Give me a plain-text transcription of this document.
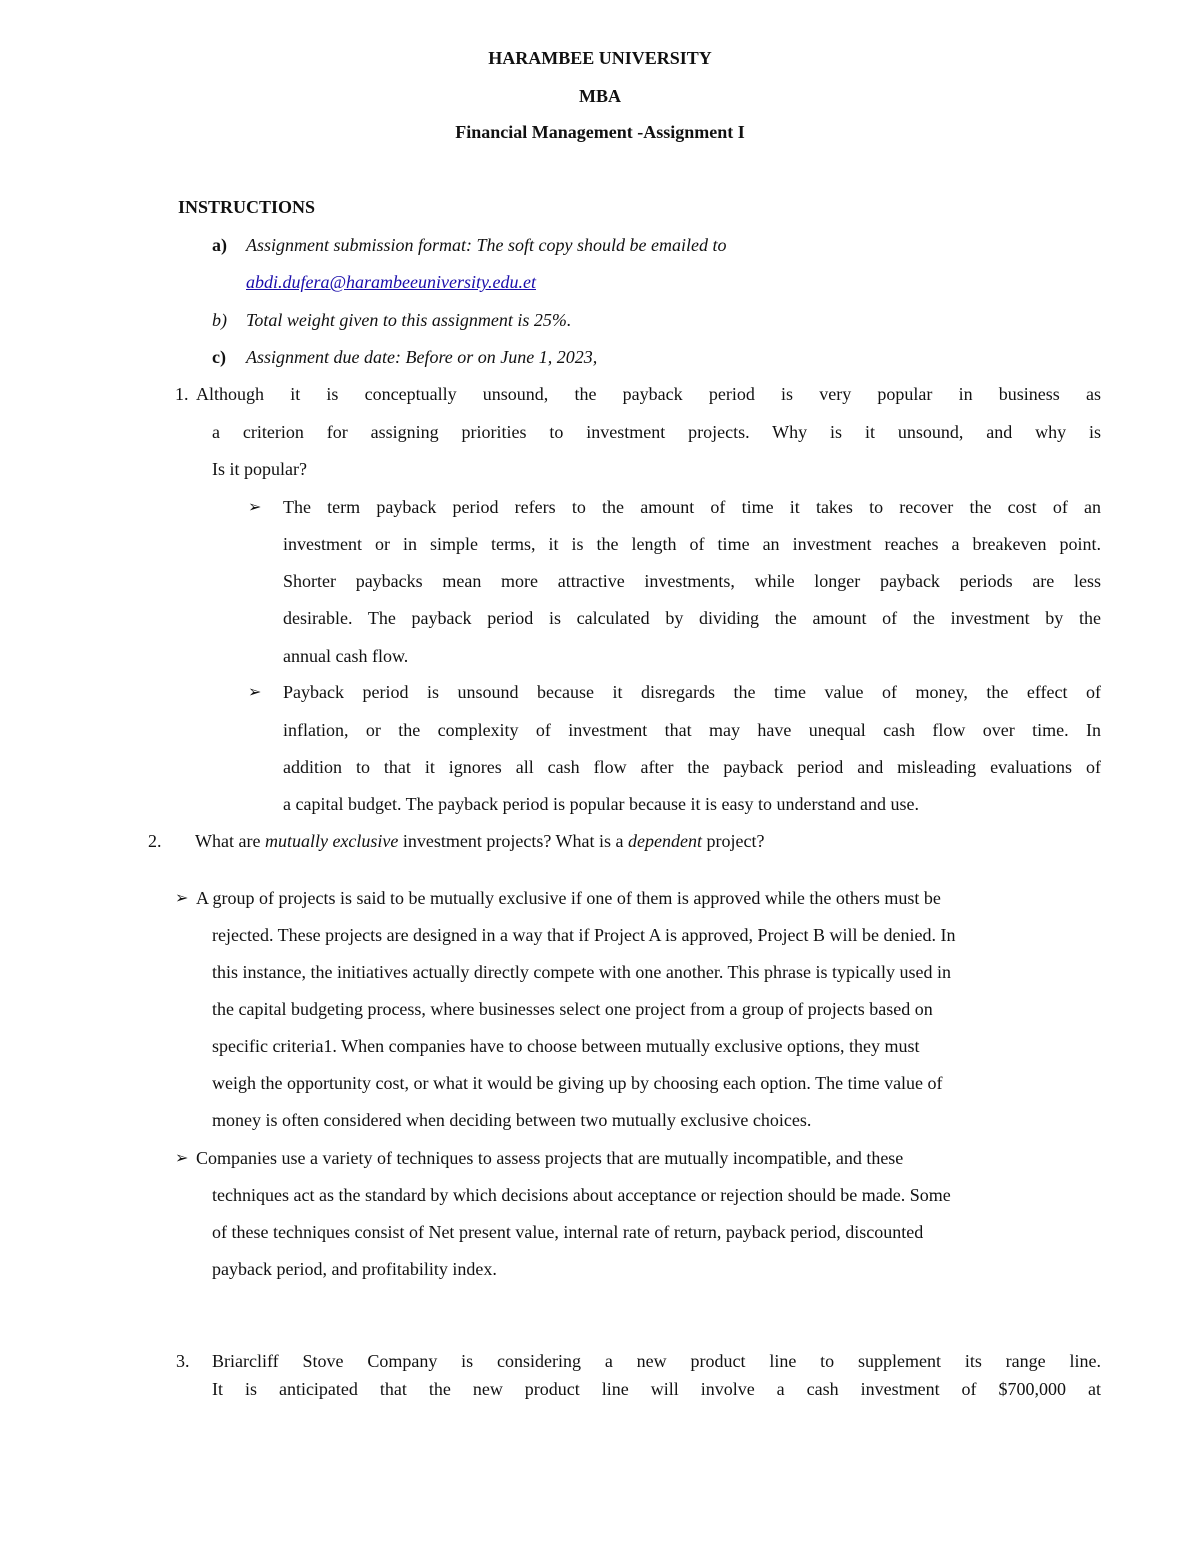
HARAMBEE UNIVERSITY
MBA
Financial Management -Assignment I
INSTRUCTIONS
a) Assignment submission format: The soft copy should be emailed to
abdi.dufera@harambeeuniversity.edu.et
b) Total weight given to this assignment is 25%.
c) Assignment due date: Before or on June 1, 2023,
1. Although it is conceptually unsound, the payback period is very popular in business as
a criterion for assigning priorities to investment projects. Why is it unsound, and why is
Is it popular?
➢ The term payback period refers to the amount of time it takes to recover the cost of an
investment or in simple terms, it is the length of time an investment reaches a breakeven point.
Shorter paybacks mean more attractive investments, while longer payback periods are less
desirable. The payback period is calculated by dividing the amount of the investment by the
annual cash flow.
➢ Payback period is unsound because it disregards the time value of money, the effect of
inflation, or the complexity of investment that may have unequal cash flow over time. In
addition to that it ignores all cash flow after the payback period and misleading evaluations of
a capital budget. The payback period is popular because it is easy to understand and use.
2. What are mutually exclusive investment projects? What is a dependent project?
➢ A group of projects is said to be mutually exclusive if one of them is approved while the others must be
rejected. These projects are designed in a way that if Project A is approved, Project B will be denied. In
this instance, the initiatives actually directly compete with one another. This phrase is typically used in
the capital budgeting process, where businesses select one project from a group of projects based on
specific criteria1. When companies have to choose between mutually exclusive options, they must
weigh the opportunity cost, or what it would be giving up by choosing each option. The time value of
money is often considered when deciding between two mutually exclusive choices.
➢ Companies use a variety of techniques to assess projects that are mutually incompatible, and these
techniques act as the standard by which decisions about acceptance or rejection should be made. Some
of these techniques consist of Net present value, internal rate of return, payback period, discounted
payback period, and profitability index.
3. Briarcliff Stove Company is considering a new product line to supplement its range line.
It is anticipated that the new product line will involve a cash investment of $700,000 at
